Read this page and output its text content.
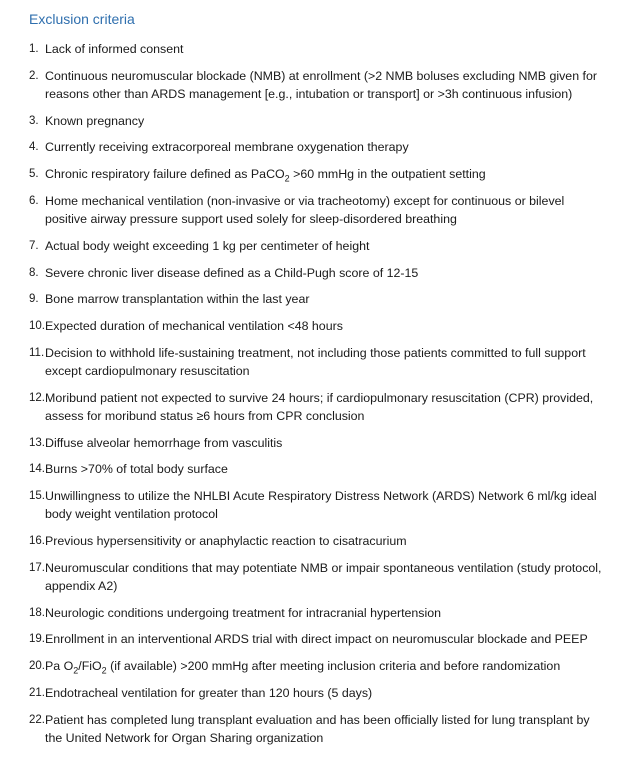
Exclusion criteria
1. Lack of informed consent
2. Continuous neuromuscular blockade (NMB) at enrollment (>2 NMB boluses excluding NMB given for reasons other than ARDS management [e.g., intubation or transport] or >3h continuous infusion)
3. Known pregnancy
4. Currently receiving extracorporeal membrane oxygenation therapy
5. Chronic respiratory failure defined as PaCO$_2$ >60 mmHg in the outpatient setting
6. Home mechanical ventilation (non-invasive or via tracheotomy) except for continuous or bilevel positive airway pressure support used solely for sleep-disordered breathing
7. Actual body weight exceeding 1 kg per centimeter of height
8. Severe chronic liver disease defined as a Child-Pugh score of 12-15
9. Bone marrow transplantation within the last year
10. Expected duration of mechanical ventilation <48 hours
11. Decision to withhold life-sustaining treatment, not including those patients committed to full support except cardiopulmonary resuscitation
12. Moribund patient not expected to survive 24 hours; if cardiopulmonary resuscitation (CPR) provided, assess for moribund status ≥6 hours from CPR conclusion
13. Diffuse alveolar hemorrhage from vasculitis
14. Burns >70% of total body surface
15. Unwillingness to utilize the NHLBI Acute Respiratory Distress Network (ARDS) Network 6 ml/kg ideal body weight ventilation protocol
16. Previous hypersensitivity or anaphylactic reaction to cisatracurium
17. Neuromuscular conditions that may potentiate NMB or impair spontaneous ventilation (study protocol, appendix A2)
18. Neurologic conditions undergoing treatment for intracranial hypertension
19. Enrollment in an interventional ARDS trial with direct impact on neuromuscular blockade and PEEP
20. Pa $O_2/FiO_2$ (if available) >200 mmHg after meeting inclusion criteria and before randomization
21. Endotracheal ventilation for greater than 120 hours (5 days)
22. Patient has completed lung transplant evaluation and has been officially listed for lung transplant by the United Network for Organ Sharing organization
